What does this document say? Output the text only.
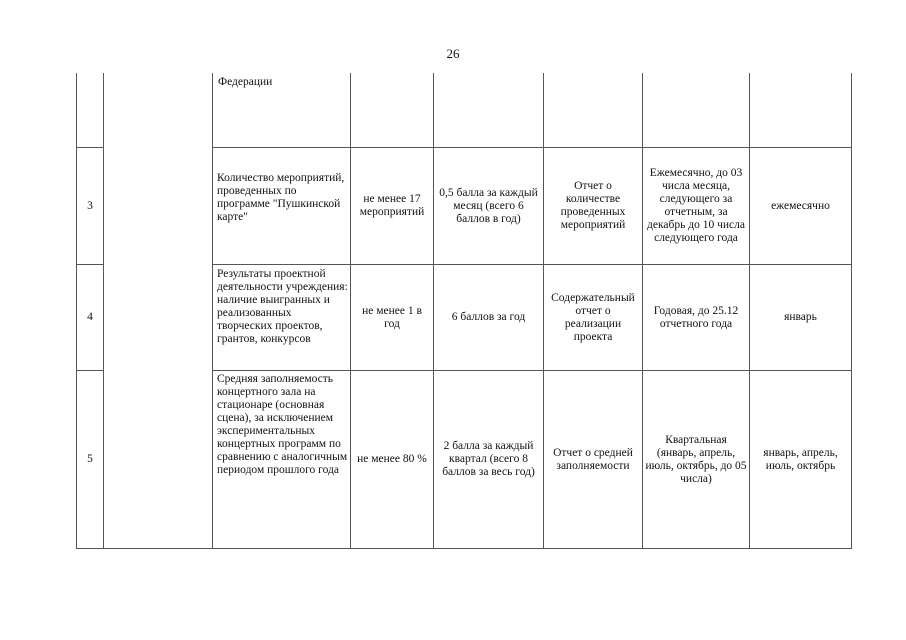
26
Федерации
3
Количество мероприятий, проведенных по программе "Пушкинской карте"
не менее 17 мероприятий
0,5 балла за каждый месяц (всего 6 баллов в год)
Отчет о количестве проведенных мероприятий
Ежемесячно, до 03 числа месяца, следующего за отчетным, за декабрь до 10 числа следующего года
ежемесячно
4
Результаты проектной деятельности учреждения: наличие выигранных и реализованных творческих проектов, грантов, конкурсов
не менее 1 в год
6 баллов за год
Содержательный отчет о реализации проекта
Годовая, до 25.12 отчетного года
январь
5
Средняя заполняемость концертного зала на стационаре (основная сцена), за исключением экспериментальных концертных программ по сравнению с аналогичным периодом прошлого года
не менее 80 %
2 балла за каждый квартал (всего 8 баллов за весь год)
Отчет о средней заполняемости
Квартальная (январь, апрель, июль, октябрь, до 05 числа)
январь, апрель, июль, октябрь
